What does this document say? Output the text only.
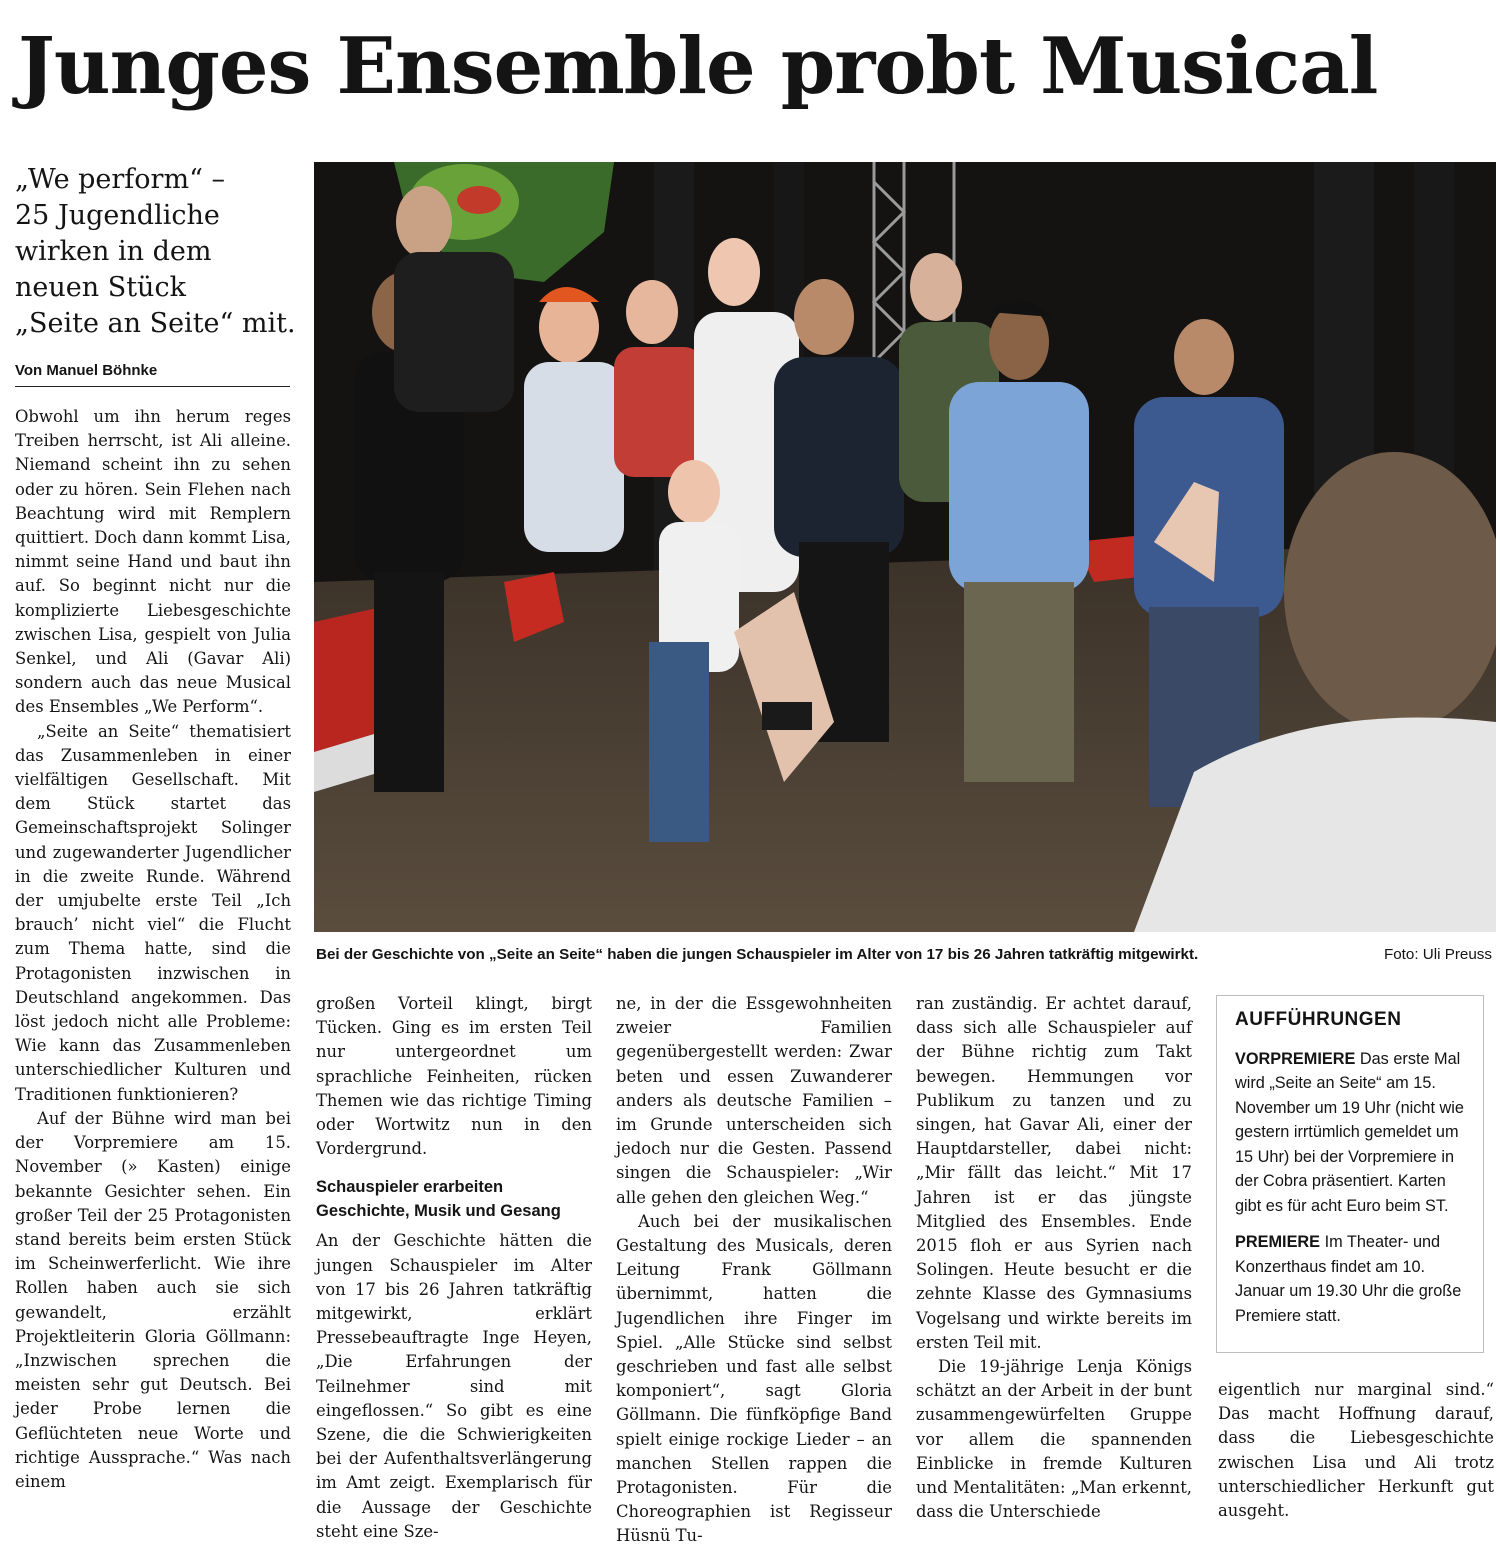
Junges Ensemble probt Musical
„We perform“ –
25 Jugendliche
wirken in dem
neuen Stück
„Seite an Seite“ mit.
Von Manuel Böhnke
Bei der Geschichte von „Seite an Seite“ haben die jungen Schauspieler im Alter von 17 bis 26 Jahren tatkräftig mitgewirkt.	Foto: Uli Preuss

Obwohl um ihn herum reges Treiben herrscht, ist Ali alleine. Niemand scheint ihn zu sehen oder zu hören. Sein Flehen nach Beachtung wird mit Remplern quittiert. Doch dann kommt Lisa, nimmt seine Hand und baut ihn auf. So beginnt nicht nur die komplizierte Liebesgeschichte zwischen Lisa, gespielt von Julia Senkel, und Ali (Gavar Ali) sondern auch das neue Musical des Ensembles „We Perform“.

„Seite an Seite“ thematisiert das Zusammenleben in einer vielfältigen Gesellschaft. Mit dem Stück startet das Gemeinschaftsprojekt Solinger und zugewanderter Jugendlicher in die zweite Runde. Während der umjubelte erste Teil „Ich brauch’ nicht viel“ die Flucht zum Thema hatte, sind die Protagonisten inzwischen in Deutschland angekommen. Das löst jedoch nicht alle Probleme: Wie kann das Zusammenleben unterschiedlicher Kulturen und Traditionen funktionieren?

Auf der Bühne wird man bei der Vorpremiere am 15. November (» Kasten) einige bekannte Gesichter sehen. Ein großer Teil der 25 Protagonisten stand bereits beim ersten Stück im Scheinwerferlicht. Wie ihre Rollen haben auch sie sich gewandelt, erzählt Projektleiterin Gloria Göllmann: „Inzwischen sprechen die meisten sehr gut Deutsch. Bei jeder Probe lernen die Geflüchteten neue Worte und richtige Aussprache.“ Was nach einem

großen Vorteil klingt, birgt Tücken. Ging es im ersten Teil nur untergeordnet um sprachliche Feinheiten, rücken Themen wie das richtige Timing oder Wortwitz nun in den Vordergrund.

Schauspieler erarbeiten Geschichte, Musik und Gesang

An der Geschichte hätten die jungen Schauspieler im Alter von 17 bis 26 Jahren tatkräftig mitgewirkt, erklärt Pressebeauftragte Inge Heyen, „Die Erfahrungen der Teilnehmer sind mit eingeflossen.“ So gibt es eine Szene, die die Schwierigkeiten bei der Aufenthaltsverlängerung im Amt zeigt. Exemplarisch für die Aussage der Geschichte steht eine Sze-

ne, in der die Essgewohnheiten zweier Familien gegenübergestellt werden: Zwar beten und essen Zuwanderer anders als deutsche Familien – im Grunde unterscheiden sich jedoch nur die Gesten. Passend singen die Schauspieler: „Wir alle gehen den gleichen Weg.“

Auch bei der musikalischen Gestaltung des Musicals, deren Leitung Frank Göllmann übernimmt, hatten die Jugendlichen ihre Finger im Spiel. „Alle Stücke sind selbst geschrieben und fast alle selbst komponiert“, sagt Gloria Göllmann. Die fünfköpfige Band spielt einige rockige Lieder – an manchen Stellen rappen die Protagonisten. Für die Choreographien ist Regisseur Hüsnü Tu-

ran zuständig. Er achtet darauf, dass sich alle Schauspieler auf der Bühne richtig zum Takt bewegen. Hemmungen vor Publikum zu tanzen und zu singen, hat Gavar Ali, einer der Hauptdarsteller, dabei nicht: „Mir fällt das leicht.“ Mit 17 Jahren ist er das jüngste Mitglied des Ensembles. Ende 2015 floh er aus Syrien nach Solingen. Heute besucht er die zehnte Klasse des Gymnasiums Vogelsang und wirkte bereits im ersten Teil mit.

Die 19-jährige Lenja Königs schätzt an der Arbeit in der bunt zusammengewürfelten Gruppe vor allem die spannenden Einblicke in fremde Kulturen und Mentalitäten: „Man erkennt, dass die Unterschiede

AUFFÜHRUNGEN

VORPREMIERE Das erste Mal wird „Seite an Seite“ am 15. November um 19 Uhr (nicht wie gestern irrtümlich gemeldet um 15 Uhr) bei der Vorpremiere in der Cobra präsentiert. Karten gibt es für acht Euro beim ST.

PREMIERE Im Theater- und Konzerthaus findet am 10. Januar um 19.30 Uhr die große Premiere statt.

eigentlich nur marginal sind.“ Das macht Hoffnung darauf, dass die Liebesgeschichte zwischen Lisa und Ali trotz unterschiedlicher Herkunft gut ausgeht.
